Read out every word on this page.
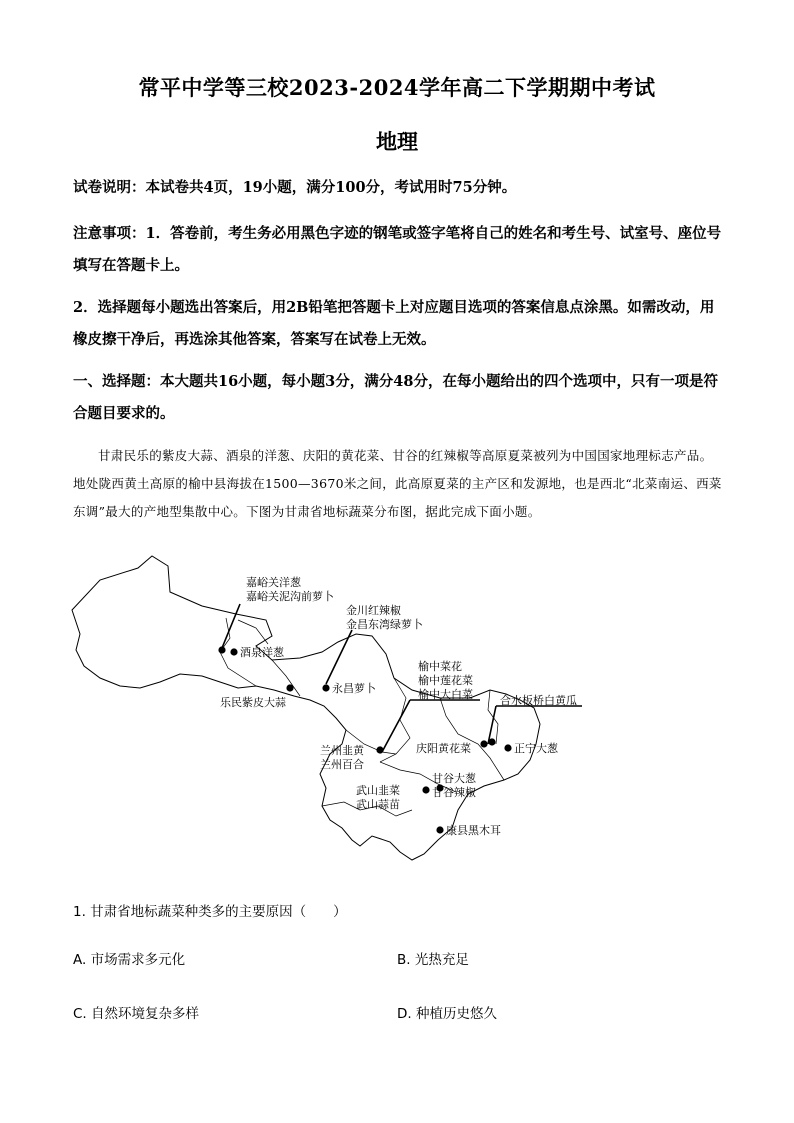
常平中学等三校2023-2024学年高二下学期期中考试
地理
试卷说明：本试卷共4页，19小题，满分100分，考试用时75分钟。
注意事项：1．答卷前，考生务必用黑色字迹的钢笔或签字笔将自己的姓名和考生号、试室号、座位号填写在答题卡上。
2．选择题每小题选出答案后，用2B铅笔把答题卡上对应题目选项的答案信息点涂黑。如需改动，用橡皮擦干净后，再选涂其他答案，答案写在试卷上无效。
一、选择题：本大题共16小题，每小题3分，满分48分，在每小题给出的四个选项中，只有一项是符合题目要求的。
甘肃民乐的紫皮大蒜、酒泉的洋葱、庆阳的黄花菜、甘谷的红辣椒等高原夏菜被列为中国国家地理标志产品。地处陇西黄土高原的榆中县海拔在1500—3670米之间，此高原夏菜的主产区和发源地，也是西北“北菜南运、西菜东调”最大的产地型集散中心。下图为甘肃省地标蔬菜分布图，据此完成下面小题。
嘉峪关洋葱
嘉峪关泥沟前萝卜
酒泉洋葱
金川红辣椒
金昌东湾绿萝卜
永昌萝卜
乐民紫皮大蒜
榆中菜花
榆中莲花菜
榆中大白菜 合水板桥白黄瓜
兰州韭黄
兰州百合
庆阳黄花菜	正宁大葱
甘谷大葱
甘谷辣椒
武山韭菜
武山蒜苗
康县黑木耳
1. 甘肃省地标蔬菜种类多的主要原因（　　）
A. 市场需求多元化	B. 光热充足
C. 自然环境复杂多样	D. 种植历史悠久
